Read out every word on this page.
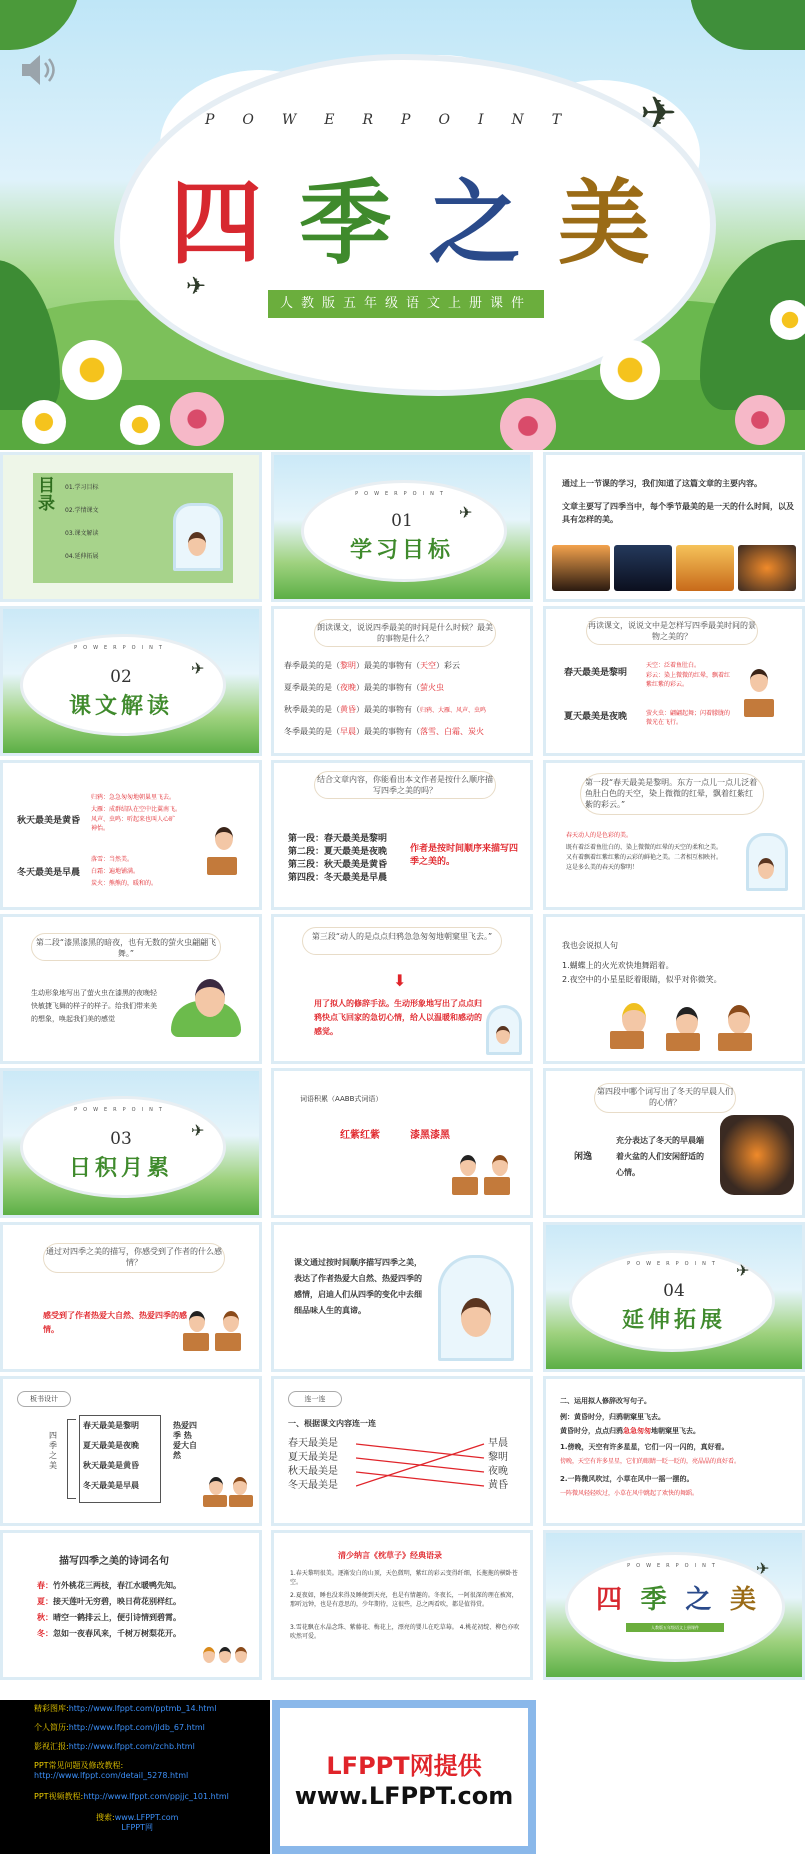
POWERPOINT
四 季 之 美
人教版五年级语文上册课件
✈
✈
目录
01.学习目标
02.学情课文
03.课文解读
04.延伸拓展
POWERPOINT
01
学习目标
✈
通过上一节课的学习，我们知道了这篇文章的主要内容。
文章主要写了四季当中，每个季节最美的是一天的什么时间，以及具有怎样的美。
POWERPOINT
02
课文解读
✈
朗读课文，说说四季最美的时间是什么时候？最美的事物是什么？
春季最美的是（黎明）最美的事物有（天空）彩云
夏季最美的是（夜晚）最美的事物有（萤火虫
秋季最美的是（黄昏）最美的事物有（归鸦、大雁、风声、虫鸣
冬季最美的是（早晨）最美的事物有（落雪、白霜、炭火
再读课文，说说文中是怎样写四季最美时间的景物之美的？
春天最美是黎明
天空：泛着鱼肚白。
彩云：染上微微的红晕，飘着红紫红紫的彩云。
夏天最美是夜晚	萤火虫：翩翩起舞；闪着朦胧的微光在飞行。
秋天最美是黄昏
归鸦：急急匆匆地朝巢里飞去。
大雁：成群结队在空中比翼南飞。
风声、虫鸣：听起来也叫人心旷神怡。
冬天最美是早晨
落雪：当然美。
白霜：遍地铺满。
炭火：熊熊的，暖和的。
结合文章内容，你能看出本文作者是按什么顺序描写四季之美的吗？
第一段：春天最美是黎明
第二段：夏天最美是夜晚
第三段：秋天最美是黄昏
第四段：冬天最美是早晨
作者是按时间顺序来描写四季之美的。
第一段“春天最美是黎明。东方一点儿一点儿泛着鱼肚白色的天空，染上微微的红晕，飘着红紫红紫的彩云。”
春天动人的是色彩的美。
既有着泛着鱼肚白的、染上微微的红晕的天空的柔和之美。又有着飘着红紫红紫的云彩的鲜艳之美。二者相互相映衬。这是多么美的春天的黎明！
第二段“漆黑漆黑的暗夜，也有无数的萤火虫翩翩飞舞。”
生动形象地写出了萤火虫在漆黑的夜晚轻快敏捷飞舞的样子的样子。给我们带来美的想象，唤起我们美的感觉
第三段“动人的是点点归鸦急急匆匆地朝窠里飞去。”
⬇
用了拟人的修辞手法。生动形象地写出了点点归鸦快点飞回家的急切心情，给人以温暖和感动的感觉。
我也会说拟人句
1.蝴蝶上的火光欢快地舞蹈着。
2.夜空中的小星星眨着眼睛，似乎对你微笑。
POWERPOINT
03
日积月累
✈
词语积累（AABB式词语）
红紫红紫	漆黑漆黑
第四段中哪个词写出了冬天的早晨人们的心情？
闲逸
充分表达了冬天的早晨端着火盆的人们安闲舒适的心情。
通过对四季之美的描写，你感受到了作者的什么感情？
感受到了作者热爱大自然、热爱四季的感情。
课文通过按时间顺序描写四季之美，表达了作者热爱大自然、热爱四季的感情，启迪人们从四季的变化中去细细品味人生的真谛。
POWERPOINT
04
延伸拓展
✈
板书设计
四季之美
春天最美是黎明
夏天最美是夜晚
秋天最美是黄昏
冬天最美是早晨
热爱四季 热爱大自然
连一连
一、根据课文内容连一连
春天最美是
夏天最美是
秋天最美是
冬天最美是
早晨
黎明
夜晚
黄昏
二、运用拟人修辞改写句子。
例：黄昏时分，归鸦朝窠里飞去。
黄昏时分，点点归鸦急急匆匆地朝窠里飞去。
1.傍晚，天空有许多星星，它们一闪一闪的，真好看。
傍晚，天空有许多星星，它们的眼睛一眨一眨的，亮晶晶的真好看。
2.一阵微风吹过，小草在风中一摇一摆的。
一阵微风轻轻吹过，小草在风中跳起了欢快的舞蹈。
描写四季之美的诗词名句
春：竹外桃花三两枝，春江水暖鸭先知。
夏：接天莲叶无穷碧，映日荷花别样红。
秋：晴空一鹤排云上，便引诗情到碧霄。
冬：忽如一夜春风来，千树万树梨花开。
清少纳言《枕草子》经典语录
1.春天黎明很美。逐渐发白的山顶，天色微明，紫红的彩云变得纤细，长拖拖的横卧苍空。
2.夏夜如，睡也没来得及睡便到天亮，也是有情趣的。冬夜长，一阿很深的理在被窝，那听远钟，也是有意思的，少年期待，这很些，总之两看吹，都是值得赏。
3.雪花飘在水晶念珠、紫藤花、梅花上，漂亮的婴儿在吃草莓。 4.桃花初绽、柳色亦吹吹然可爱。
POWERPOINT
四 季 之 美
人教版五年级语文上册课件
✈
精彩图库:http://www.lfppt.com/pptmb_14.html
个人简历:http://www.lfppt.com/jldb_67.html
影视汇报:http://www.lfppt.com/zchb.html
PPT常见问题及修改教程:
http://www.lfppt.com/detail_5278.html
PPT视频教程:http://www.lfppt.com/ppjjc_101.html
搜索:www.LFPPT.com
LFPPT网
LFPPT网提供
www.LFPPT.com
